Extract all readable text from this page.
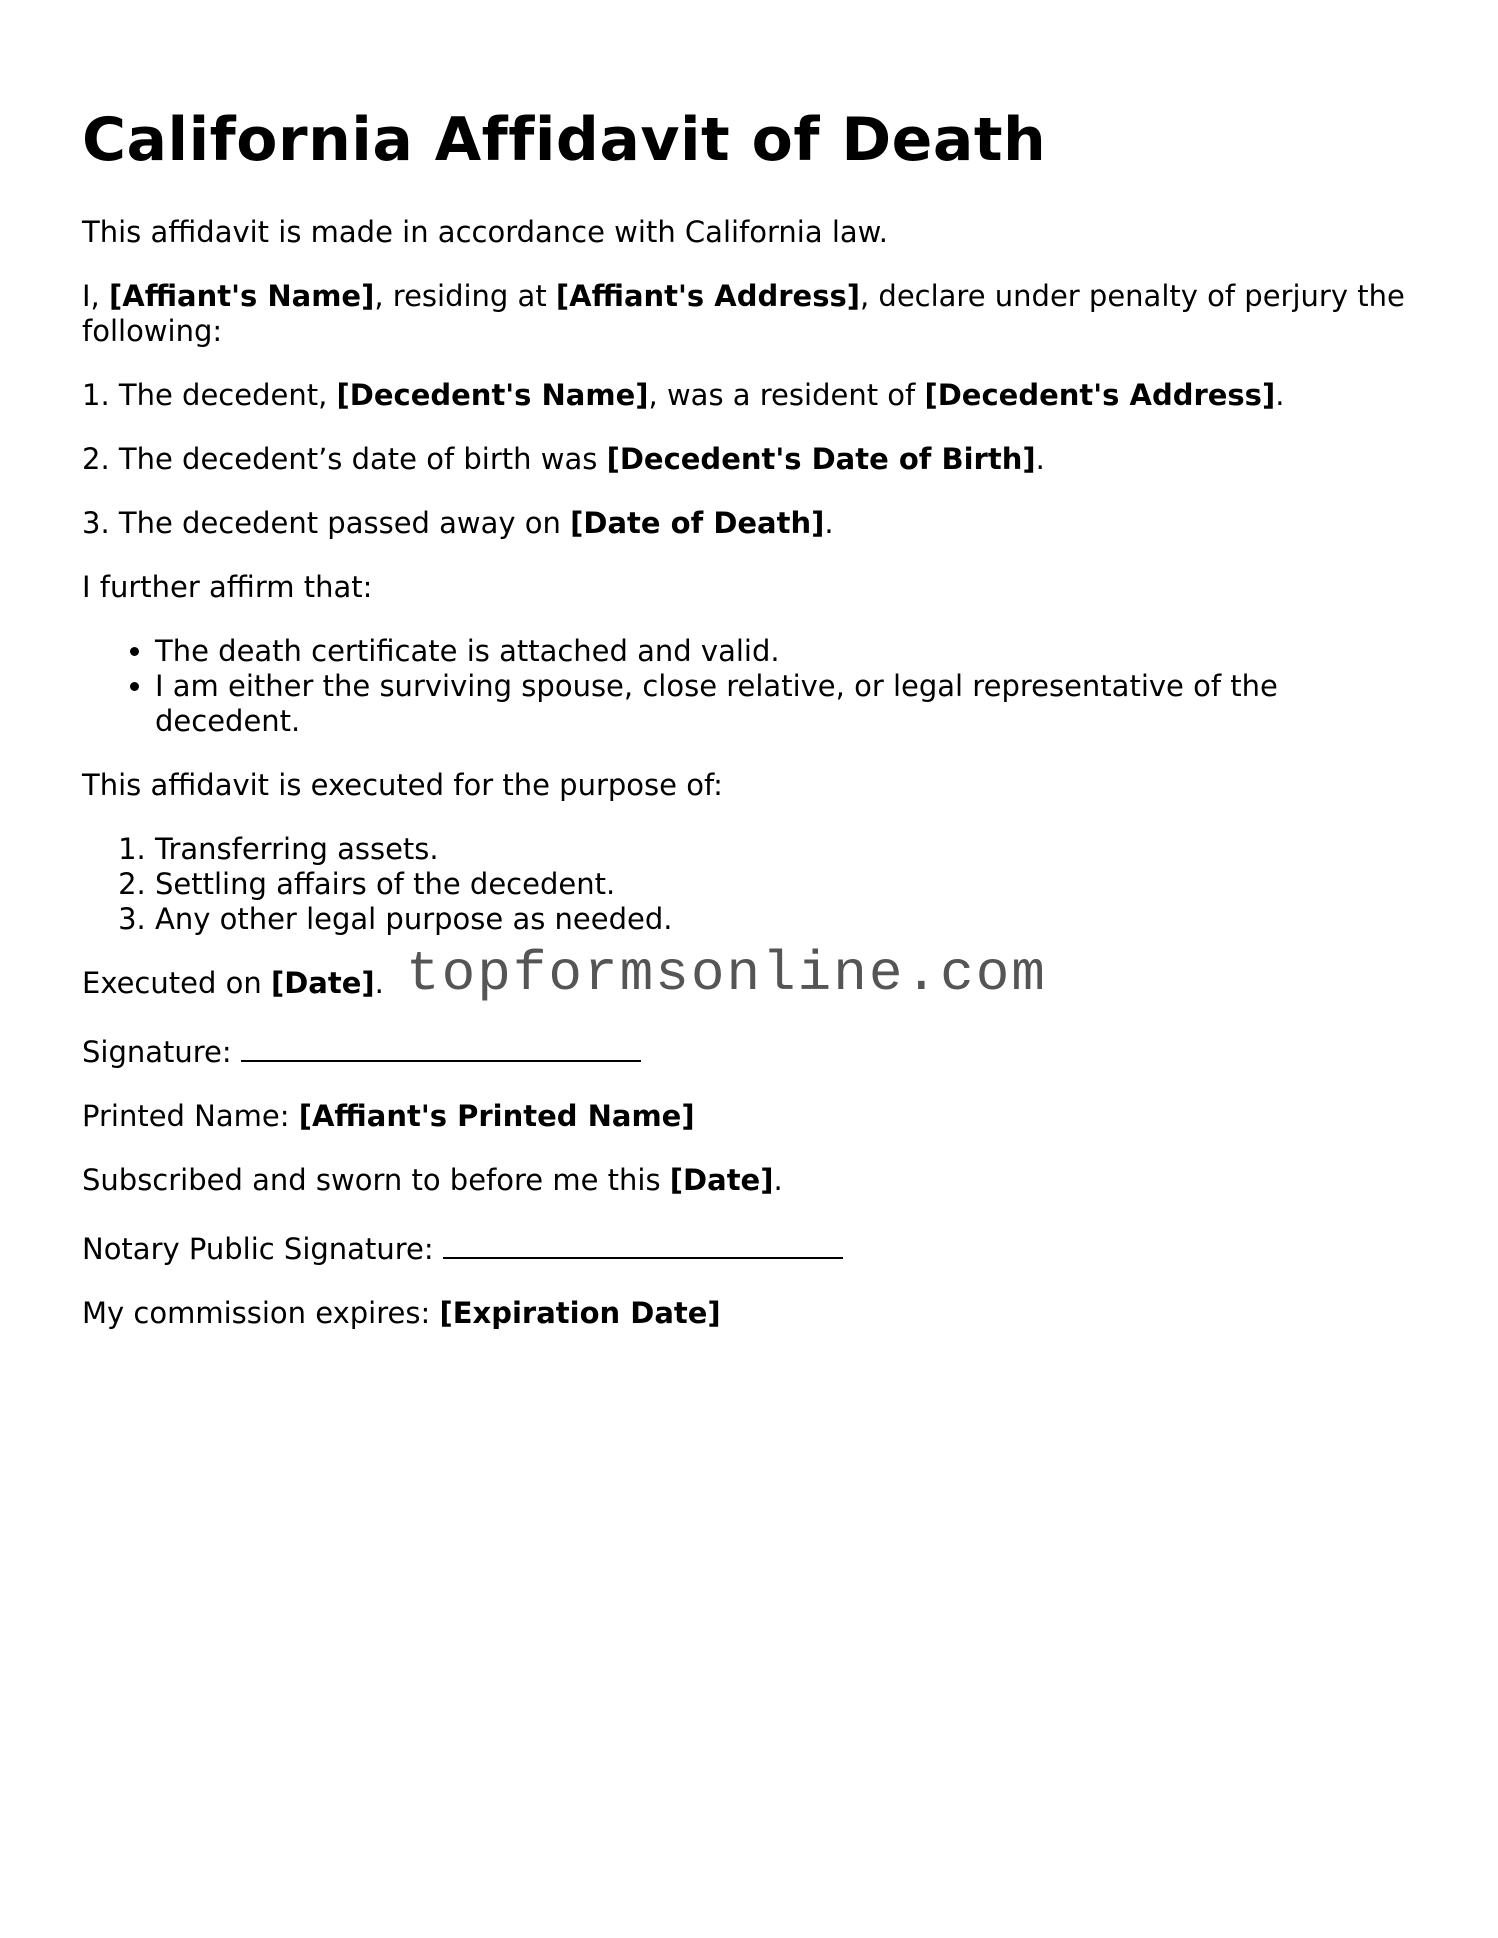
California Affidavit of Death

This affidavit is made in accordance with California law.

I, [Affiant's Name], residing at [Affiant's Address], declare under penalty of perjury the following:

1. The decedent, [Decedent's Name], was a resident of [Decedent's Address].

2. The decedent’s date of birth was [Decedent's Date of Birth].

3. The decedent passed away on [Date of Death].

I further affirm that:

• The death certificate is attached and valid.
• I am either the surviving spouse, close relative, or legal representative of the decedent.

This affidavit is executed for the purpose of:

1. Transferring assets.
2. Settling affairs of the decedent.
3. Any other legal purpose as needed.

Executed on [Date].

Signature:

Printed Name: [Affiant's Printed Name]

Subscribed and sworn to before me this [Date].

Notary Public Signature:

My commission expires: [Expiration Date]

topformsonline.com
